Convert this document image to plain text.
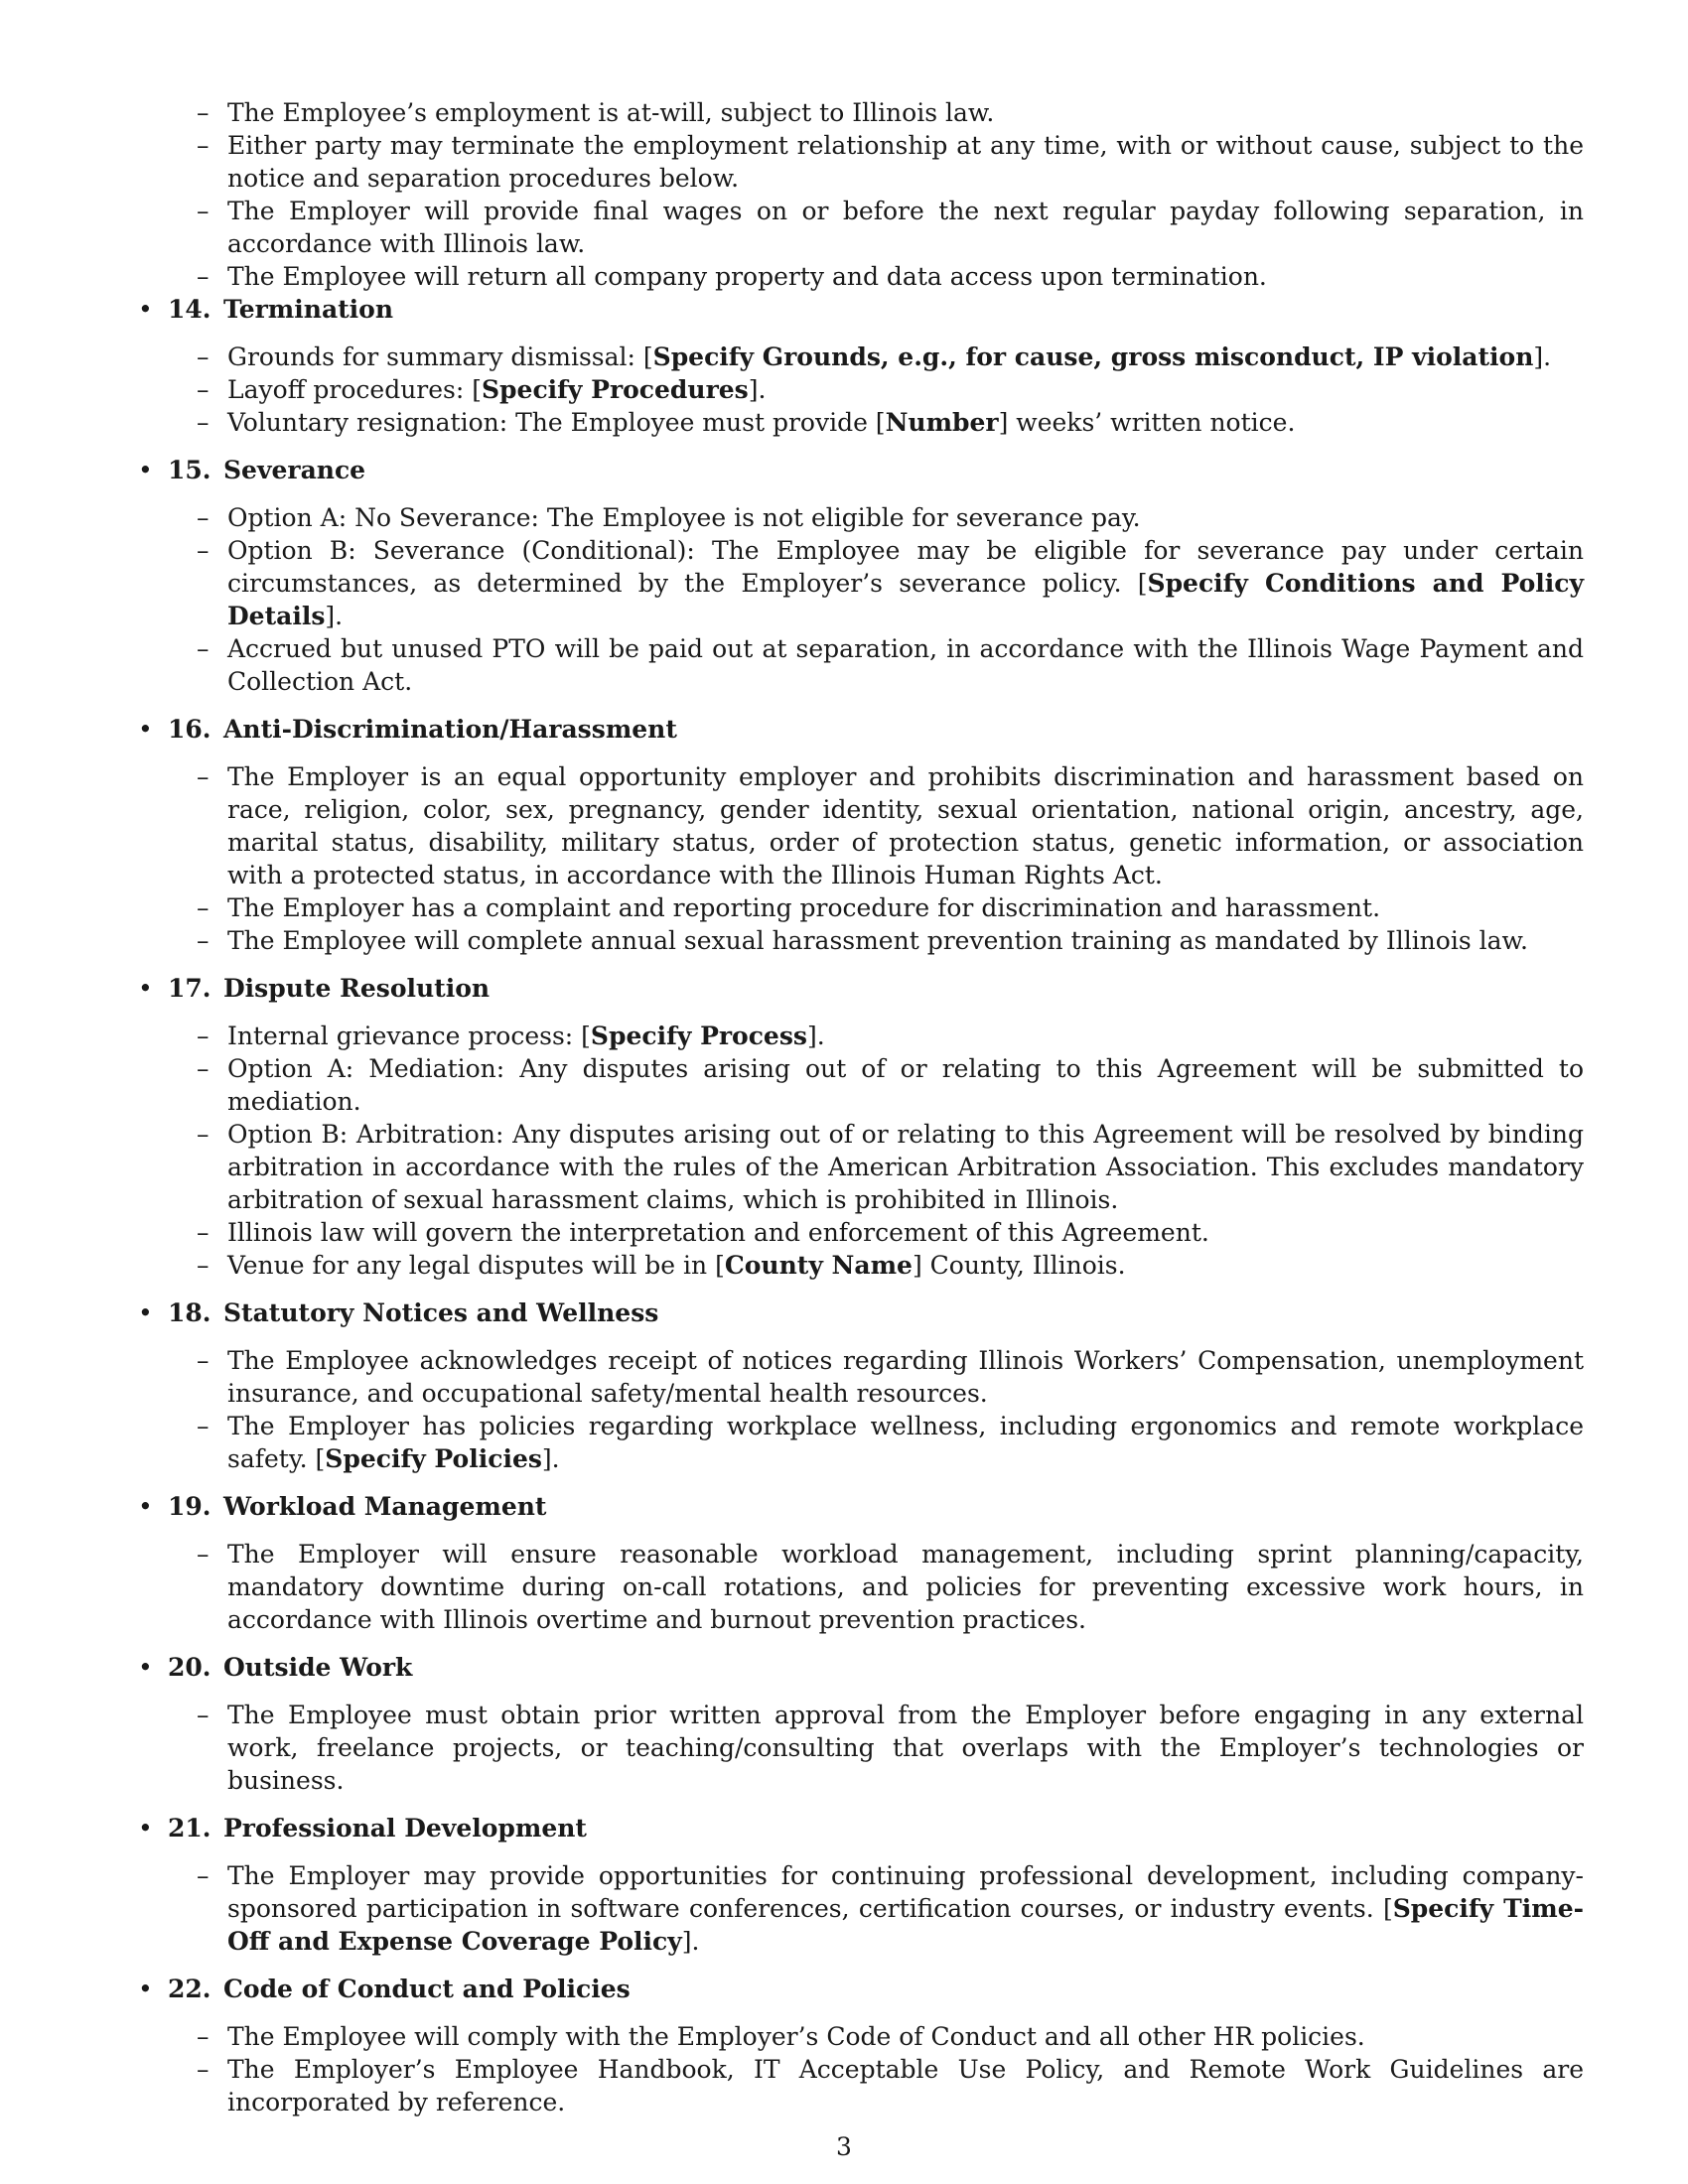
– The Employee’s employment is at-will, subject to Illinois law.
– Either party may terminate the employment relationship at any time, with or without cause, subject to the notice and separation procedures below.
– The Employer will provide final wages on or before the next regular payday following separation, in accordance with Illinois law.
– The Employee will return all company property and data access upon termination.
• 14.  Termination
– Grounds for summary dismissal: [Specify Grounds, e.g., for cause, gross misconduct, IP violation].
– Layoff procedures: [Specify Procedures].
– Voluntary resignation: The Employee must provide [Number] weeks’ written notice.
• 15.  Severance
– Option A: No Severance: The Employee is not eligible for severance pay.
– Option B: Severance (Conditional): The Employee may be eligible for severance pay under certain circumstances, as determined by the Employer’s severance policy. [Specify Conditions and Policy Details].
– Accrued but unused PTO will be paid out at separation, in accordance with the Illinois Wage Payment and Collection Act.
• 16.  Anti-Discrimination/Harassment
– The Employer is an equal opportunity employer and prohibits discrimination and harassment based on race, religion, color, sex, pregnancy, gender identity, sexual orientation, national origin, ancestry, age, marital status, disability, military status, order of protection status, genetic information, or association with a protected status, in accordance with the Illinois Human Rights Act.
– The Employer has a complaint and reporting procedure for discrimination and harassment.
– The Employee will complete annual sexual harassment prevention training as mandated by Illinois law.
• 17.  Dispute Resolution
– Internal grievance process: [Specify Process].
– Option A: Mediation: Any disputes arising out of or relating to this Agreement will be submitted to mediation.
– Option B: Arbitration: Any disputes arising out of or relating to this Agreement will be resolved by binding arbitration in accordance with the rules of the American Arbitration Association. This excludes mandatory arbitration of sexual harassment claims, which is prohibited in Illinois.
– Illinois law will govern the interpretation and enforcement of this Agreement.
– Venue for any legal disputes will be in [County Name] County, Illinois.
• 18.  Statutory Notices and Wellness
– The Employee acknowledges receipt of notices regarding Illinois Workers’ Compensation, unemployment insurance, and occupational safety/mental health resources.
– The Employer has policies regarding workplace wellness, including ergonomics and remote workplace safety. [Specify Policies].
• 19.  Workload Management
– The Employer will ensure reasonable workload management, including sprint planning/capacity, mandatory downtime during on-call rotations, and policies for preventing excessive work hours, in accordance with Illinois overtime and burnout prevention practices.
• 20.  Outside Work
– The Employee must obtain prior written approval from the Employer before engaging in any external work, freelance projects, or teaching/consulting that overlaps with the Employer’s technologies or business.
• 21.  Professional Development
– The Employer may provide opportunities for continuing professional development, including company-sponsored participation in software conferences, certification courses, or industry events. [Specify Time-Off and Expense Coverage Policy].
• 22.  Code of Conduct and Policies
– The Employee will comply with the Employer’s Code of Conduct and all other HR policies.
– The Employer’s Employee Handbook, IT Acceptable Use Policy, and Remote Work Guidelines are incorporated by reference.
3
